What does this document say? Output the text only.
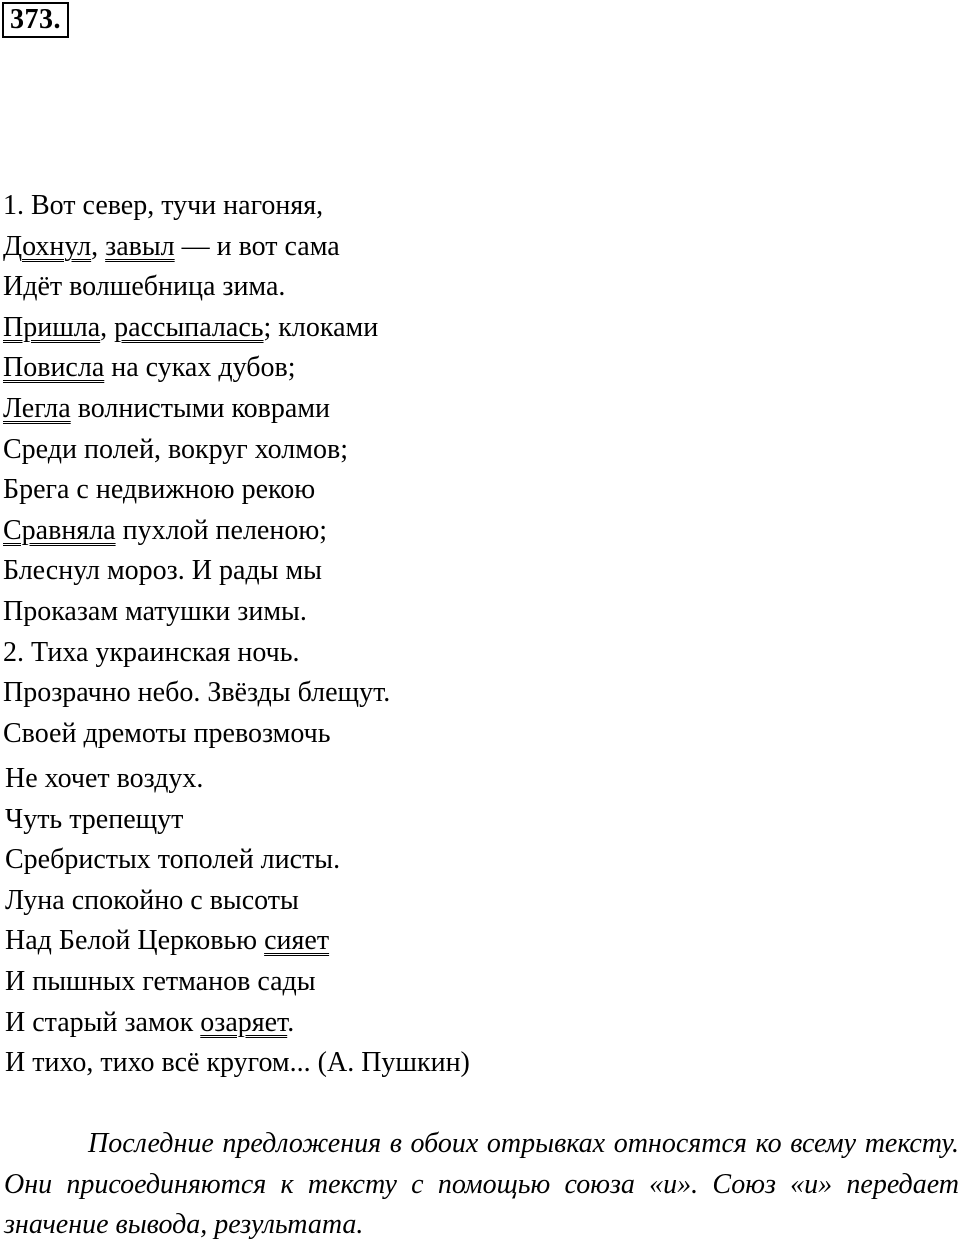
373.
1. Вот север, тучи нагоняя,
Дохнул, завыл — и вот сама
Идёт волшебница зима.
Пришла, рассыпалась; клоками
Повисла на суках дубов;
Легла волнистыми коврами
Среди полей, вокруг холмов;
Брега с недвижною рекою
Сравняла пухлой пеленою;
Блеснул мороз. И рады мы
Проказам матушки зимы.
2. Тиха украинская ночь.
Прозрачно небо. Звёзды блещут.
Своей дремоты превозмочь
Не хочет воздух.
Чуть трепещут
Сребристых тополей листы.
Луна спокойно с высоты
Над Белой Церковью сияет
И пышных гетманов сады
И старый замок озаряет.
И тихо, тихо всё кругом... (А. Пушкин)
Последние предложения в обоих отрывках относятся ко всему тексту. Они присоединяются к тексту с помощью союза «и». Союз «и» передает значение вывода, результата.
